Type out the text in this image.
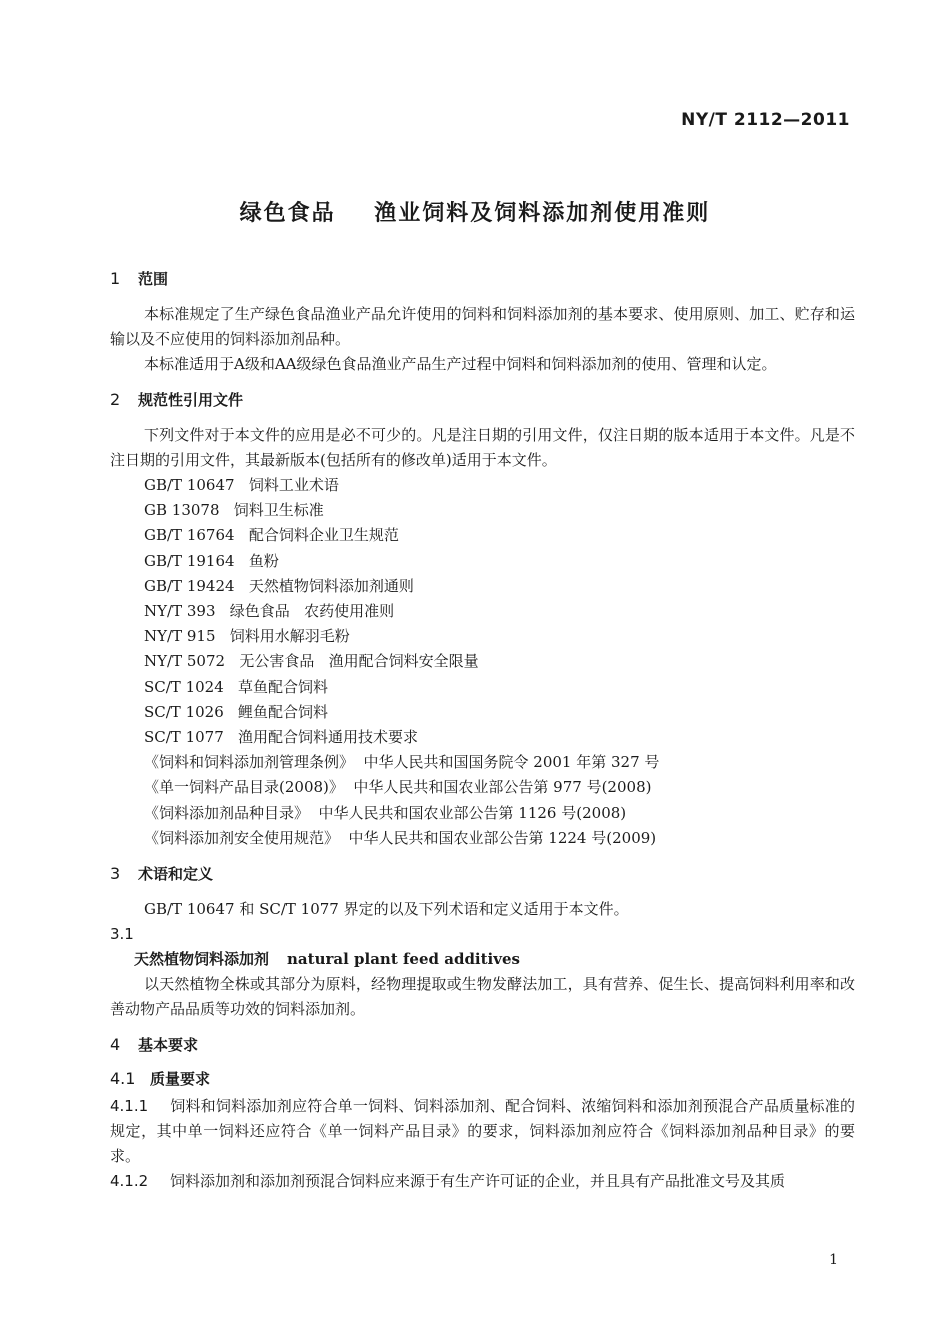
NY/T 2112—2011
绿色食品    渔业饲料及饲料添加剂使用准则
1 范围

本标准规定了生产绿色食品渔业产品允许使用的饲料和饲料添加剂的基本要求、使用原则、加工、贮存和运输以及不应使用的饲料添加剂品种。

本标准适用于A级和AA级绿色食品渔业产品生产过程中饲料和饲料添加剂的使用、管理和认定。

2 规范性引用文件

下列文件对于本文件的应用是必不可少的。凡是注日期的引用文件，仅注日期的版本适用于本文件。凡是不注日期的引用文件，其最新版本(包括所有的修改单)适用于本文件。

GB/T 10647   饲料工业术语
GB 13078   饲料卫生标准
GB/T 16764   配合饲料企业卫生规范
GB/T 19164   鱼粉
GB/T 19424   天然植物饲料添加剂通则
NY/T 393   绿色食品   农药使用准则
NY/T 915   饲料用水解羽毛粉
NY/T 5072   无公害食品   渔用配合饲料安全限量
SC/T 1024   草鱼配合饲料
SC/T 1026   鲤鱼配合饲料
SC/T 1077   渔用配合饲料通用技术要求
《饲料和饲料添加剂管理条例》  中华人民共和国国务院令 2001 年第 327 号
《单一饲料产品目录(2008)》  中华人民共和国农业部公告第 977 号(2008)
《饲料添加剂品种目录》  中华人民共和国农业部公告第 1126 号(2008)
《饲料添加剂安全使用规范》  中华人民共和国农业部公告第 1224 号(2009)
3 术语和定义

GB/T 10647 和 SC/T 1077 界定的以及下列术语和定义适用于本文件。

3.1

天然植物饲料添加剂 natural plant feed additives

以天然植物全株或其部分为原料，经物理提取或生物发酵法加工，具有营养、促生长、提高饲料利用率和改善动物产品品质等功效的饲料添加剂。

4 基本要求
4.1 质量要求

4.1.1 饲料和饲料添加剂应符合单一饲料、饲料添加剂、配合饲料、浓缩饲料和添加剂预混合产品质量标准的规定，其中单一饲料还应符合《单一饲料产品目录》的要求，饲料添加剂应符合《饲料添加剂品种目录》的要求。

4.1.2 饲料添加剂和添加剂预混合饲料应来源于有生产许可证的企业，并且具有产品批准文号及其质

1
